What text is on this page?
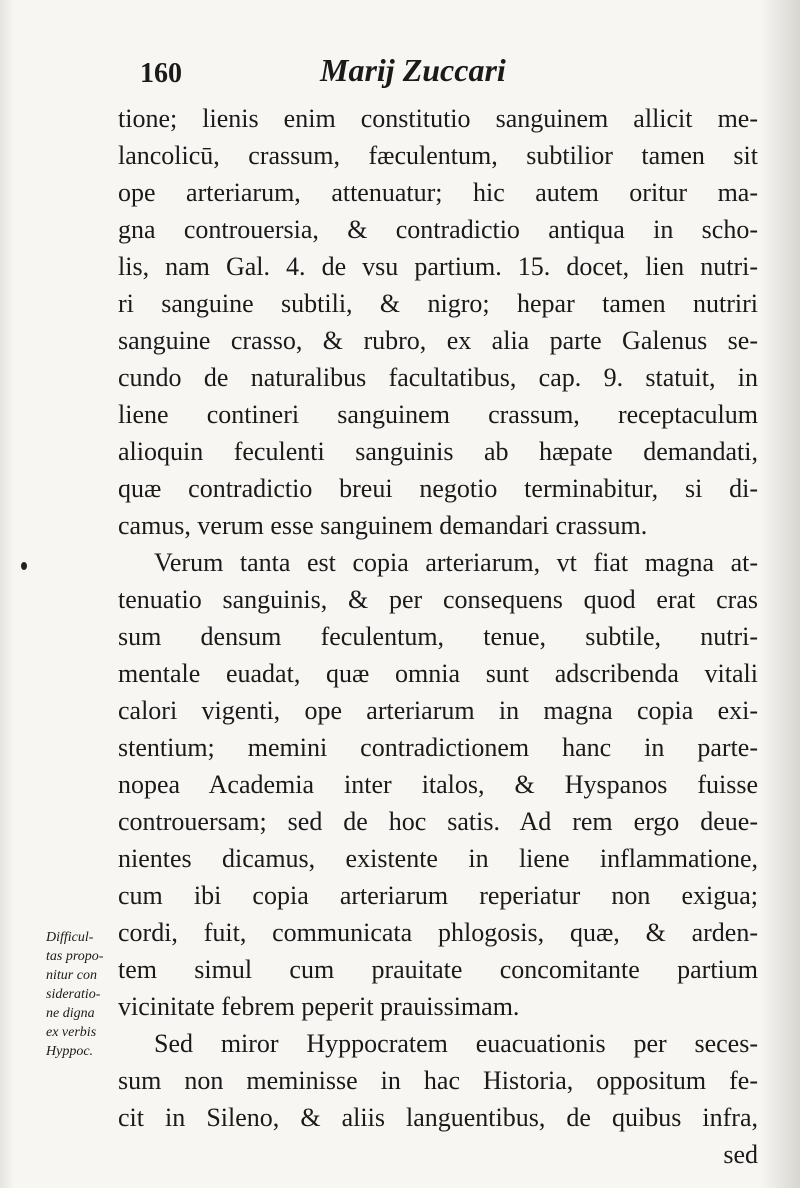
160	Marij Zuccari
tione; lienis enim constitutio sanguinem allicit me-
lancolicū, crassum, fæculentum, subtilior tamen sit
ope arteriarum, attenuatur; hic autem oritur ma-
gna controuersia, & contradictio antiqua in scho-
lis, nam Gal. 4. de vsu partium. 15. docet, lien nutri-
ri sanguine subtili, & nigro; hepar tamen nutriri
sanguine crasso, & rubro, ex alia parte Galenus se-
cundo de naturalibus facultatibus, cap. 9. statuit, in
liene contineri sanguinem crassum, receptaculum
alioquin feculenti sanguinis ab hæpate demandati,
quæ contradictio breui negotio terminabitur, si di-
camus, verum esse sanguinem demandari crassum.
Verum tanta est copia arteriarum, vt fiat magna at-
tenuatio sanguinis, & per consequens quod erat cras
sum densum feculentum, tenue, subtile, nutri-
mentale euadat, quæ omnia sunt adscribenda vitali
calori vigenti, ope arteriarum in magna copia exi-
stentium; memini contradictionem hanc in parte-
nopea Academia inter italos, & Hyspanos fuisse
controuersam; sed de hoc satis. Ad rem ergo deue-
nientes dicamus, existente in liene inflammatione,
cum ibi copia arteriarum reperiatur non exigua;
cordi, fuit, communicata phlogosis, quæ, & arden-
tem simul cum prauitate concomitante partium
vicinitate febrem peperit prauissimam.
Sed miror Hyppocratem euacuationis per seces-
sum non meminisse in hac Historia, oppositum fe-
cit in Sileno, & aliis languentibus, de quibus infra,
sed
Difficul-
tas propo-
nitur con
sideratio-
ne digna
ex verbis
Hyppoc.
